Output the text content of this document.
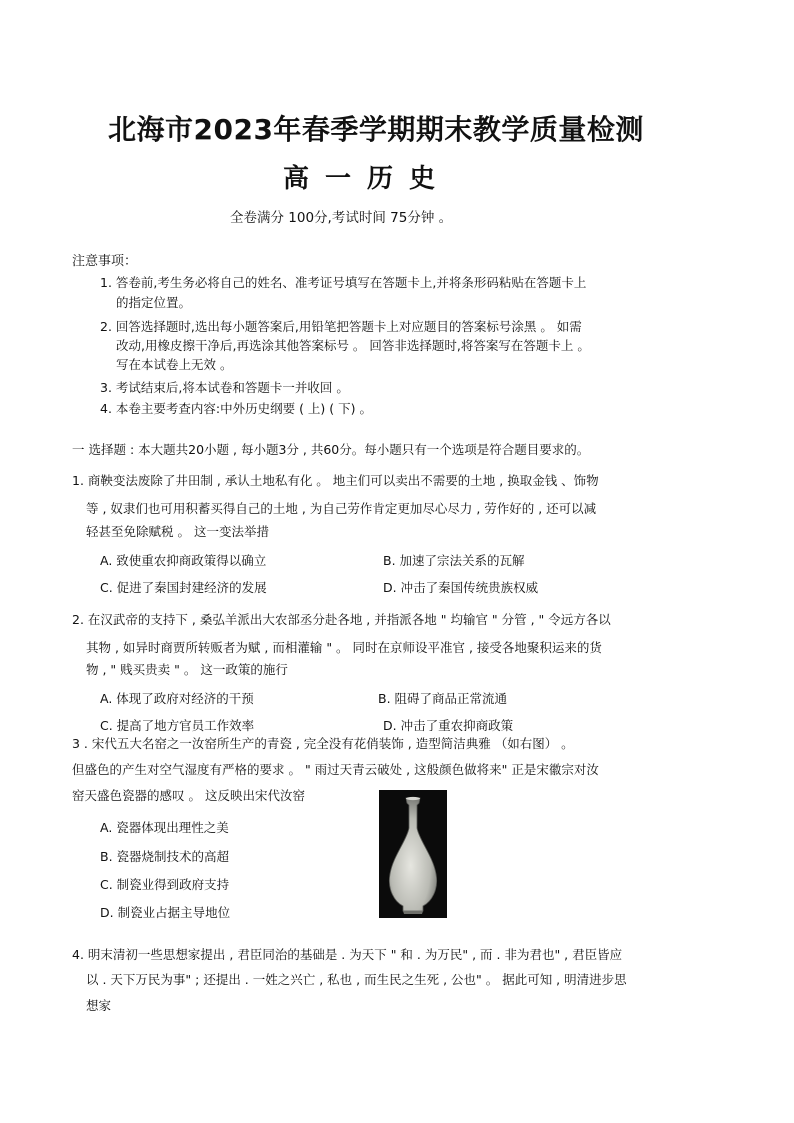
北海市2023年春季学期期末教学质量检测
高一历史
全卷满分 100分,考试时间 75分钟 。
注意事项：
1. 答卷前,考生务必将自己的姓名、准考证号填写在答题卡上,并将条形码粘贴在答题卡上
的指定位置。
2. 回答选择题时,选出每小题答案后,用铅笔把答题卡上对应题目的答案标号涂黑 。 如需
改动,用橡皮擦干净后,再选涂其他答案标号 。 回答非选择题时,将答案写在答题卡上 。
写在本试卷上无效 。
3. 考试结束后,将本试卷和答题卡一并收回 。
4. 本卷主要考查内容:中外历史纲要 ( 上) ( 下) 。
一 选择题 : 本大题共20小题 , 每小题3分 , 共60分。每小题只有一个选项是符合题目要求的。
1. 商鞅变法废除了井田制 , 承认土地私有化 。 地主们可以卖出不需要的土地 , 换取金钱 、饰物
等 , 奴隶们也可用积蓄买得自己的土地 , 为自己劳作肯定更加尽心尽力 , 劳作好的 , 还可以减
轻甚至免除赋税 。 这一变法举措
A. 致使重农抑商政策得以确立	B. 加速了宗法关系的瓦解
C. 促进了秦国封建经济的发展	D. 冲击了秦国传统贵族权威
2. 在汉武帝的支持下 , 桑弘羊派出大农部丞分赴各地 , 并指派各地 " 均输官 " 分管 , " 令远方各以
其物 , 如异时商贾所转贩者为赋 , 而相灌输 " 。 同时在京师设平准官 , 接受各地聚积运来的货
物 , " 贱买贵卖 " 。 这一政策的施行
A. 体现了政府对经济的干预	B. 阻碍了商品正常流通
C. 提高了地方官员工作效率	D. 冲击了重农抑商政策
3 . 宋代五大名窑之一汝窑所生产的青瓷 , 完全没有花俏装饰 , 造型简洁典雅 （如右图） 。
但盛色的产生对空气湿度有严格的要求 。 " 雨过天青云破处 , 这般颜色做将来" 正是宋徽宗对汝
窑天盛色瓷器的感叹 。 这反映出宋代汝窑
A. 瓷器体现出理性之美
B. 瓷器烧制技术的高超
C. 制瓷业得到政府支持
D. 制瓷业占据主导地位
4. 明末清初一些思想家提出 , 君臣同治的基础是 . 为天下 " 和 . 为万民" , 而 . 非为君也" , 君臣皆应
以 . 天下万民为事" ; 还提出 . 一姓之兴亡 , 私也 , 而生民之生死 , 公也" 。 据此可知 , 明清进步思
想家
